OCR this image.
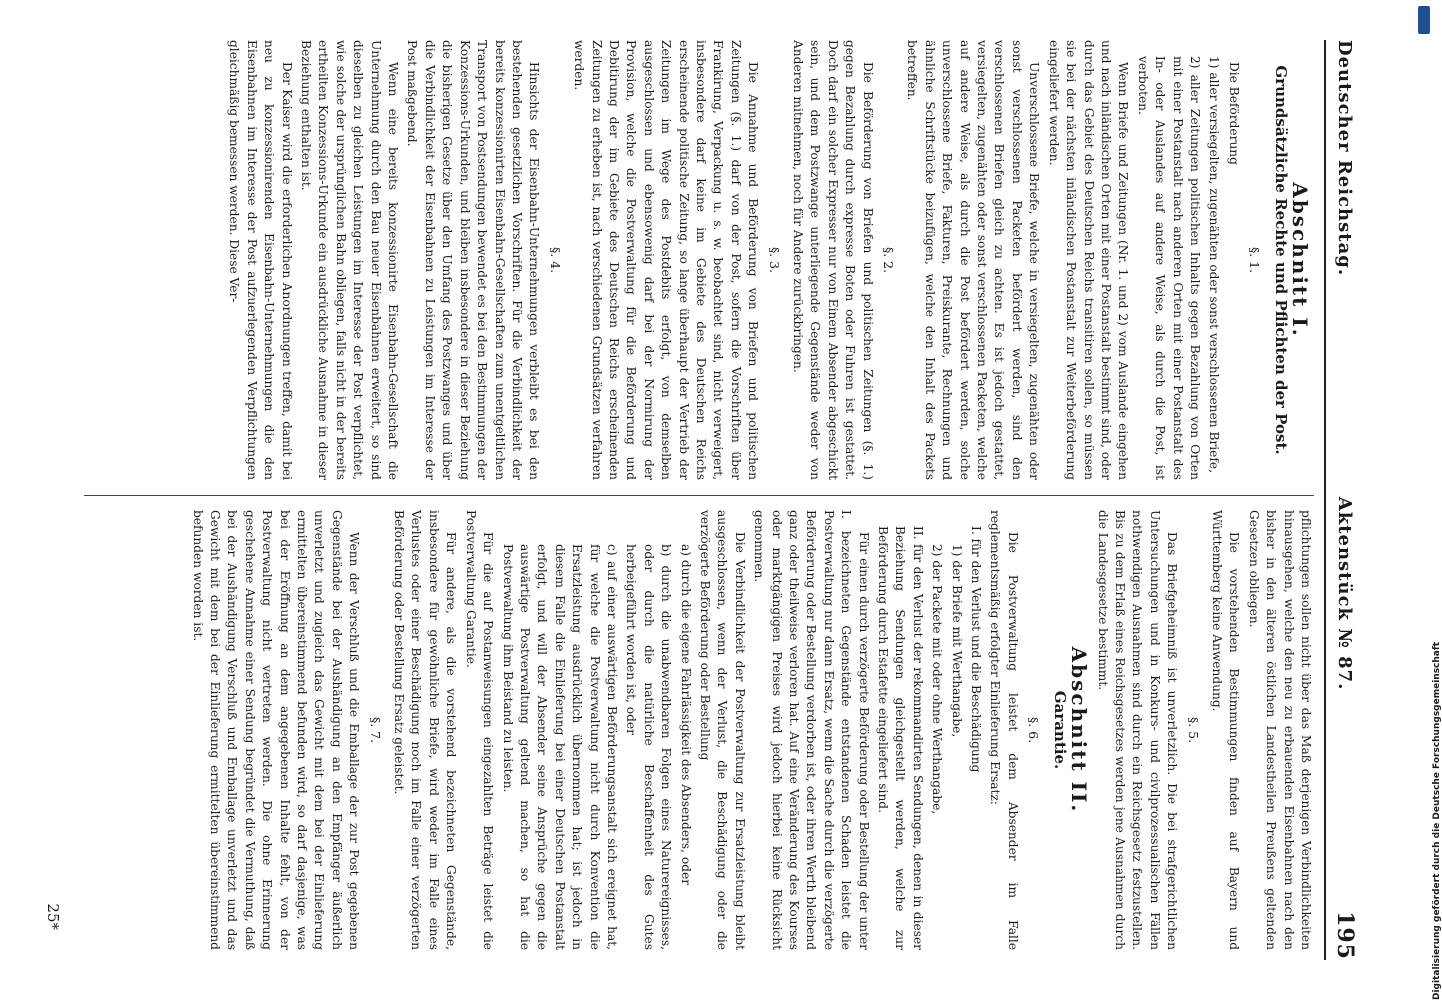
Deutscher Reichstag.
Aktenstück № 87.
195
Abschnitt I.
Grundsätzliche Rechte und Pflichten der Post.
§. 1.

Die Beförderung

1) aller versiegelten, zugenähten oder sonst verschlossenen Briefe,

2) aller Zeitungen politischen Inhalts gegen Bezahlung von Orten mit einer Postanstalt nach anderen Orten mit einer Postanstalt des In- oder Auslandes auf andere Weise, als durch die Post, ist verboten.

Wenn Briefe und Zeitungen (Nr. 1. und 2) vom Auslande eingehen und nach inländischen Orten mit einer Postanstalt bestimmt sind, oder durch das Gebiet des Deutschen Reichs transitiren sollen, so müssen sie bei der nächsten inländischen Postanstalt zur Weiterbeförderung eingeliefert werden.

Unverschlossene Briefe, welche in versiegelten, zugenähten oder sonst verschlossenen Packeten befördert werden, sind den verschlossenen Briefen gleich zu achten. Es ist jedoch gestattet, versiegelten, zugenähten oder sonst verschlossenen Packeten, welche auf andere Weise, als durch die Post befördert werden, solche unverschlossene Briefe, Fakturen, Preiskurante, Rechnungen und ähnliche Schriftstücke beizufügen, welche den Inhalt des Packets betreffen.

§. 2.

Die Beförderung von Briefen und politischen Zeitungen (§. 1.) gegen Bezahlung durch expresse Boten oder Fuhren ist gestattet. Doch darf ein solcher Expresser nur von Einem Absender abgeschickt sein, und dem Postzwange unterliegende Gegenstände weder von Anderen mitnehmen, noch für Andere zurückbringen.

§. 3.

Die Annahme und Beförderung von Briefen und politischen Zeitungen (§. 1.) darf von der Post, sofern die Vorschriften über Frankirung, Verpackung u. s. w. beobachtet sind, nicht verweigert, insbesondere darf keine im Gebiete des Deutschen Reichs erscheinende politische Zeitung, so lange überhaupt der Vertrieb der Zeitungen im Wege des Postdebits erfolgt, von demselben ausgeschlossen und ebensowenig darf bei der Normirung der Provision, welche die Postverwaltung für die Beförderung und Debitirung der im Gebiete des Deutschen Reichs erscheinenden Zeitungen zu erheben ist, nach verschiedenen Grundsätzen verfahren werden.

§. 4.

Hinsichts der Eisenbahn-Unternehmungen verbleibt es bei den bestehenden gesetzlichen Vorschriften. Für die Verbindlichkeit der bereits konzessionirten Eisenbahn-Gesellschaften zum unentgeltlichen Transport von Postsendungen bewendet es bei den Bestimmungen der Konzessions-Urkunden, und bleiben insbesondere in dieser Beziehung die bisherigen Gesetze über den Umfang des Postzwanges und über die Verbindlichkeit der Eisenbahnen zu Leistungen im Interesse der Post maßgebend.

Wenn eine bereits konzessionirte Eisenbahn-Gesellschaft die Unternehmung durch den Bau neuer Eisenbahnen erweitert, so sind dieselben zu gleichen Leistungen im Interesse der Post verpflichtet, wie solche der ursprünglichen Bahn obliegen, falls nicht in der bereits ertheilten Konzessions-Urkunde ein ausdrückliche Ausnahme in dieser Beziehung enthalten ist.

Der Kaiser wird die erforderlichen Anordnungen treffen, damit bei neu zu konzessionirenden Eisenbahn-Unternehmungen die den Eisenbahnen im Interesse der Post aufzuerlegenden Verpflichtungen gleichmäßig bemessen werden. Diese Ver-

pflichtungen sollen nicht über das Maß derjenigen Verbindlichkeiten hinausgehen, welche den neu zu erbauenden Eisenbahnen nach den bisher in den älteren östlichen Landestheilen Preußens geltenden Gesetzen obliegen.

Die vorstehenden Bestimmungen finden auf Bayern und Württemberg keine Anwendung.

§. 5.

Das Briefgeheimniß ist unverletzlich. Die bei strafgerichtlichen Untersuchungen und in Konkurs- und civilprozessualischen Fällen nothwendigen Ausnahmen sind durch ein Reichsgesetz festzustellen. Bis zu dem Erlaß eines Reichsgesetzes werden jene Ausnahmen durch die Landesgesetze bestimmt.

Abschnitt II.
Garantie.
§. 6.

Die Postverwaltung leistet dem Absender im Falle reglementsmäßig erfolgter Einlieferung Ersatz:

I. für den Verlust und die Beschädigung

1) der Briefe mit Werthangabe,

2) der Packete mit oder ohne Werthangabe,

II. für den Verlust der rekommandirten Sendungen, denen in dieser Beziehung Sendungen gleichgestellt werden, welche zur Beförderung durch Estafette eingeliefert sind.

Für einen durch verzögerte Beförderung oder Bestellung der unter I. bezeichneten Gegenstände entstandenen Schaden leistet die Postverwaltung nur dann Ersatz, wenn die Sache durch die verzögerte Beförderung oder Bestellung verdorben ist, oder ihren Werth bleibend ganz oder theilweise verloren hat. Auf eine Veränderung des Kourses oder marktgängigen Preises wird jedoch hierbei keine Rücksicht genommen.

Die Verbindlichkeit der Postverwaltung zur Ersatzleistung bleibt ausgeschlossen, wenn der Verlust, die Beschädigung oder die verzögerte Beförderung oder Bestellung

a) durch die eigene Fahrlässigkeit des Absenders, oder

b) durch die unabwendbaren Folgen eines Naturereignisses, oder durch die natürliche Beschaffenheit des Gutes herbeigeführt worden ist, oder

c) auf einer auswärtigen Beförderungsanstalt sich ereignet hat, für welche die Postverwaltung nicht durch Konvention die Ersatzleistung ausdrücklich übernommen hat; ist jedoch in diesem Falle die Einlieferung bei einer Deutschen Postanstalt erfolgt, und will der Absender seine Ansprüche gegen die auswärtige Postverwaltung geltend machen, so hat die Postverwaltung ihm Beistand zu leisten.

Für die auf Postanweisungen eingezahlten Beträge leistet die Postverwaltung Garantie.

Für andere, als die vorstehend bezeichneten Gegenstände, insbesondere für gewöhnliche Briefe, wird weder im Falle eines Verlustes oder einer Beschädigung noch im Falle einer verzögerten Beförderung oder Bestellung Ersatz geleistet.

§. 7.

Wenn der Verschluß und die Emballage der zur Post gegebenen Gegenstände bei der Aushändigung an den Empfänger äußerlich unverletzt und zugleich das Gewicht mit dem bei der Einlieferung ermittelten übereinstimmend befunden wird, so darf dasjenige, was bei der Eröffnung an dem angegebenen Inhalte fehlt, von der Postverwaltung nicht vertreten werden. Die ohne Erinnerung geschehene Annahme einer Sendung begründet die Vermuthung, daß bei der Aushändigung Verschluß und Emballage unverletzt und das Gewicht mit dem bei der Einlieferung ermittelten übereinstimmend befunden worden ist.

25*	Digitalisierung gefördert durch die Deutsche Forschungsgemeinschaft
